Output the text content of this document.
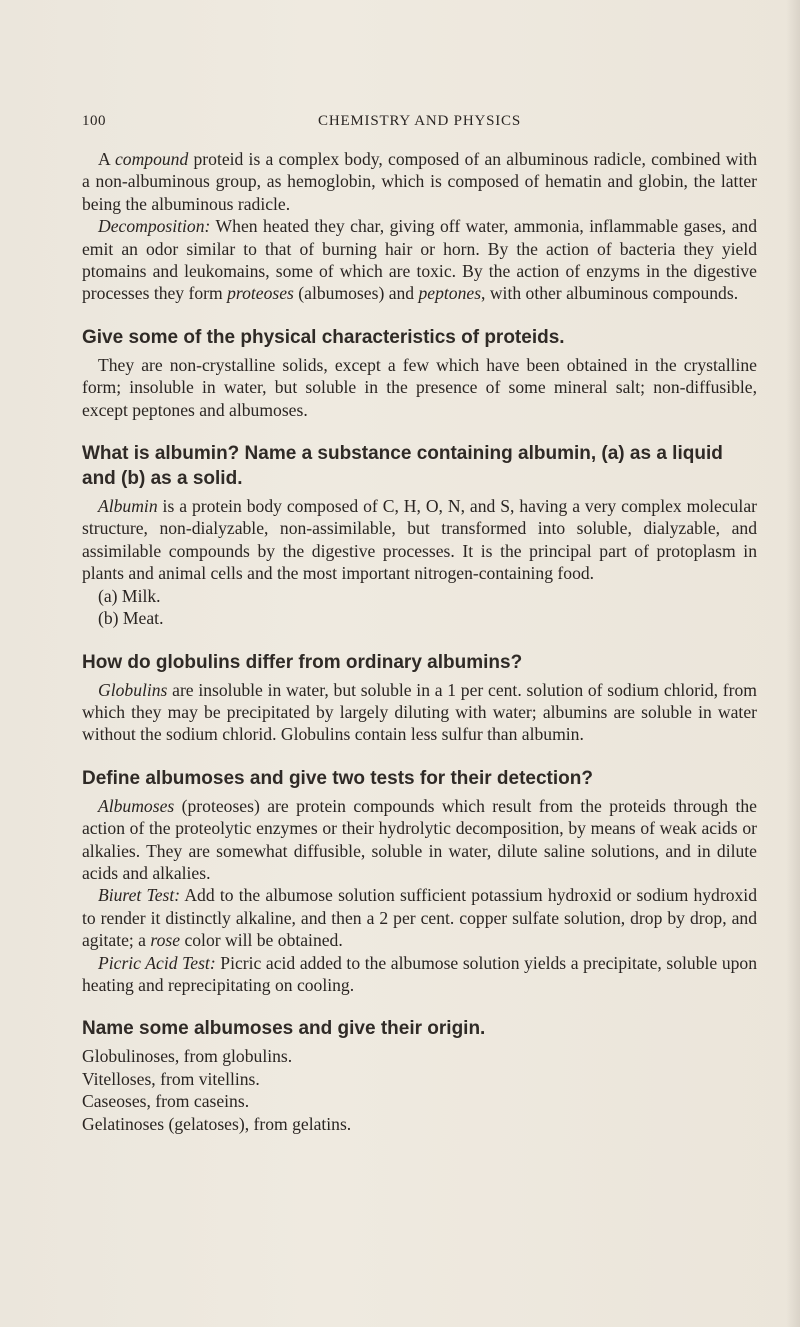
100	CHEMISTRY AND PHYSICS

A compound proteid is a complex body, composed of an albuminous radicle, combined with a non-albuminous group, as hemoglobin, which is composed of hematin and globin, the latter being the albuminous radicle.

Decomposition: When heated they char, giving off water, ammonia, inflammable gases, and emit an odor similar to that of burning hair or horn. By the action of bacteria they yield ptomains and leukomains, some of which are toxic. By the action of enzyms in the digestive processes they form proteoses (albumoses) and peptones, with other albuminous compounds.

Give some of the physical characteristics of proteids.

They are non-crystalline solids, except a few which have been obtained in the crystalline form; insoluble in water, but soluble in the presence of some mineral salt; non-diffusible, except peptones and albumoses.

What is albumin? Name a substance containing albumin, (a) as a liquid and (b) as a solid.

Albumin is a protein body composed of C, H, O, N, and S, having a very complex molecular structure, non-dialyzable, non-assimilable, but transformed into soluble, dialyzable, and assimilable compounds by the digestive processes. It is the principal part of protoplasm in plants and animal cells and the most important nitrogen-containing food.

(a) Milk.
(b) Meat.
How do globulins differ from ordinary albumins?

Globulins are insoluble in water, but soluble in a 1 per cent. solution of sodium chlorid, from which they may be precipitated by largely diluting with water; albumins are soluble in water without the sodium chlorid. Globulins contain less sulfur than albumin.

Define albumoses and give two tests for their detection?

Albumoses (proteoses) are protein compounds which result from the proteids through the action of the proteolytic enzymes or their hydrolytic decomposition, by means of weak acids or alkalies. They are somewhat diffusible, soluble in water, dilute saline solutions, and in dilute acids and alkalies.

Biuret Test: Add to the albumose solution sufficient potassium hydroxid or sodium hydroxid to render it distinctly alkaline, and then a 2 per cent. copper sulfate solution, drop by drop, and agitate; a rose color will be obtained.

Picric Acid Test: Picric acid added to the albumose solution yields a precipitate, soluble upon heating and reprecipitating on cooling.

Name some albumoses and give their origin.
Globulinoses, from globulins.
Vitelloses, from vitellins.
Caseoses, from caseins.
Gelatinoses (gelatoses), from gelatins.
